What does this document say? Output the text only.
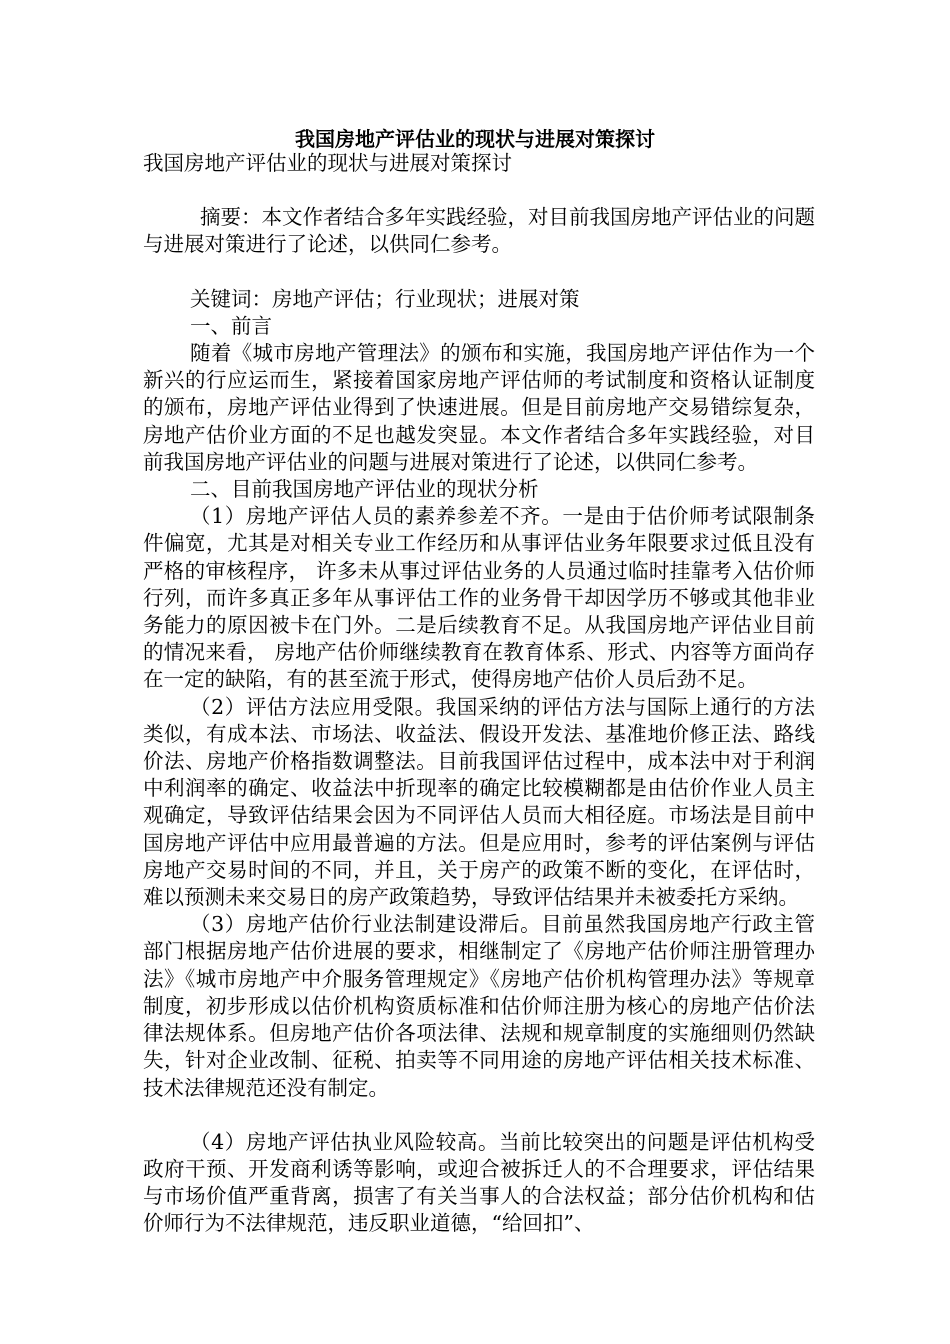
我国房地产评估业的现状与进展对策探讨

我国房地产评估业的现状与进展对策探讨

摘要：本文作者结合多年实践经验，对目前我国房地产评估业的问题与进展对策进行了论述，以供同仁参考。

关键词：房地产评估；行业现状；进展对策

一、前言

随着《城市房地产管理法》的颁布和实施，我国房地产评估作为一个新兴的行应运而生，紧接着国家房地产评估师的考试制度和资格认证制度的颁布，房地产评估业得到了快速进展。但是目前房地产交易错综复杂，房地产估价业方面的不足也越发突显。本文作者结合多年实践经验，对目前我国房地产评估业的问题与进展对策进行了论述，以供同仁参考。

二、目前我国房地产评估业的现状分析

（1）房地产评估人员的素养参差不齐。一是由于估价师考试限制条件偏宽，尤其是对相关专业工作经历和从事评估业务年限要求过低且没有严格的审核程序， 许多未从事过评估业务的人员通过临时挂靠考入估价师行列，而许多真正多年从事评估工作的业务骨干却因学历不够或其他非业务能力的原因被卡在门外。二是后续教育不足。从我国房地产评估业目前的情况来看， 房地产估价师继续教育在教育体系、形式、内容等方面尚存在一定的缺陷，有的甚至流于形式，使得房地产估价人员后劲不足。

（2）评估方法应用受限。我国采纳的评估方法与国际上通行的方法类似，有成本法、市场法、收益法、假设开发法、基准地价修正法、路线价法、房地产价格指数调整法。目前我国评估过程中，成本法中对于利润中利润率的确定、收益法中折现率的确定比较模糊都是由估价作业人员主观确定，导致评估结果会因为不同评估人员而大相径庭。市场法是目前中国房地产评估中应用最普遍的方法。但是应用时，参考的评估案例与评估房地产交易时间的不同，并且，关于房产的政策不断的变化，在评估时，难以预测未来交易日的房产政策趋势，导致评估结果并未被委托方采纳。

（3）房地产估价行业法制建设滞后。目前虽然我国房地产行政主管部门根据房地产估价进展的要求，相继制定了《房地产估价师注册管理办法》《城市房地产中介服务管理规定》《房地产估价机构管理办法》等规章制度，初步形成以估价机构资质标准和估价师注册为核心的房地产估价法律法规体系。但房地产估价各项法律、法规和规章制度的实施细则仍然缺失，针对企业改制、征税、拍卖等不同用途的房地产评估相关技术标准、技术法律规范还没有制定。

（4）房地产评估执业风险较高。当前比较突出的问题是评估机构受政府干预、开发商利诱等影响，或迎合被拆迁人的不合理要求，评估结果与市场价值严重背离，损害了有关当事人的合法权益；部分估价机构和估价师行为不法律规范，违反职业道德，“给回扣”、
